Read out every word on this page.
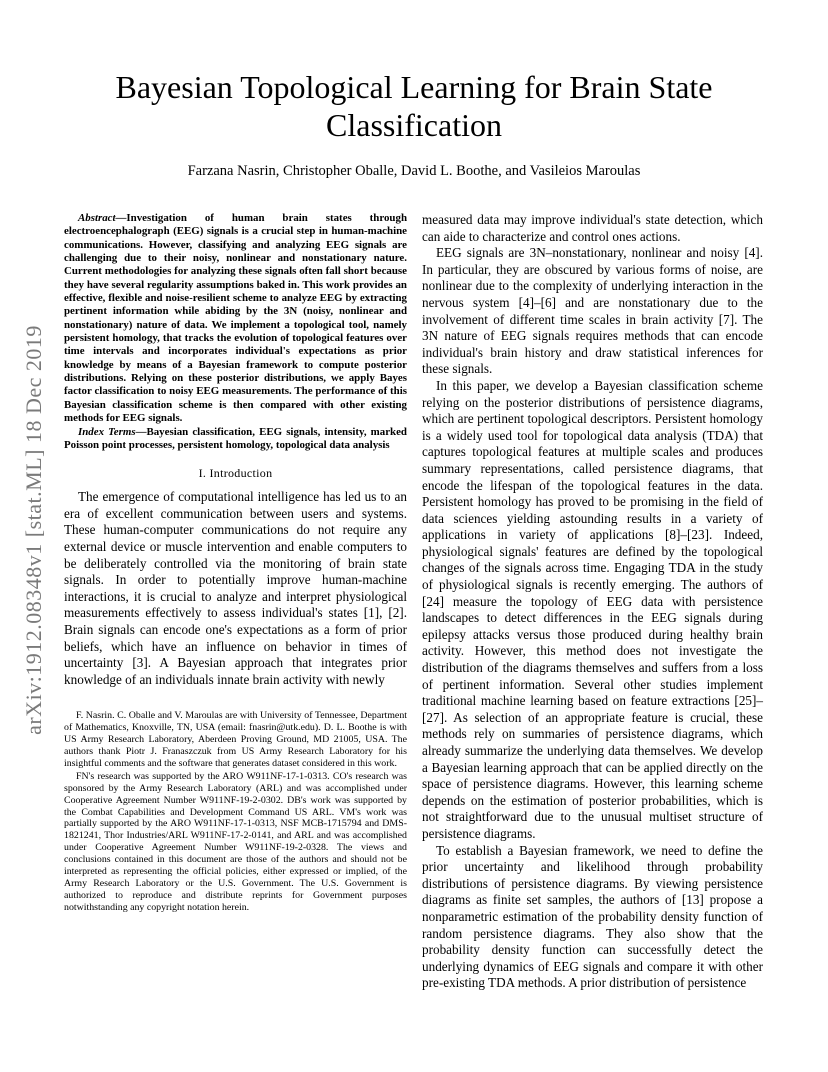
arXiv:1912.08348v1 [stat.ML] 18 Dec 2019
Bayesian Topological Learning for Brain State Classification
Farzana Nasrin, Christopher Oballe, David L. Boothe, and Vasileios Maroulas

Abstract—Investigation of human brain states through electroencephalograph (EEG) signals is a crucial step in human-machine communications. However, classifying and analyzing EEG signals are challenging due to their noisy, nonlinear and nonstationary nature. Current methodologies for analyzing these signals often fall short because they have several regularity assumptions baked in. This work provides an effective, flexible and noise-resilient scheme to analyze EEG by extracting pertinent information while abiding by the 3N (noisy, nonlinear and nonstationary) nature of data. We implement a topological tool, namely persistent homology, that tracks the evolution of topological features over time intervals and incorporates individual's expectations as prior knowledge by means of a Bayesian framework to compute posterior distributions. Relying on these posterior distributions, we apply Bayes factor classification to noisy EEG measurements. The performance of this Bayesian classification scheme is then compared with other existing methods for EEG signals.

Index Terms—Bayesian classification, EEG signals, intensity, marked Poisson point processes, persistent homology, topological data analysis

I. Introduction

The emergence of computational intelligence has led us to an era of excellent communication between users and systems. These human-computer communications do not require any external device or muscle intervention and enable computers to be deliberately controlled via the monitoring of brain state signals. In order to potentially improve human-machine interactions, it is crucial to analyze and interpret physiological measurements effectively to assess individual's states [1], [2]. Brain signals can encode one's expectations as a form of prior beliefs, which have an influence on behavior in times of uncertainty [3]. A Bayesian approach that integrates prior knowledge of an individuals innate brain activity with newly

F. Nasrin. C. Oballe and V. Maroulas are with University of Tennessee, Department of Mathematics, Knoxville, TN, USA (email: fnasrin@utk.edu). D. L. Boothe is with US Army Research Laboratory, Aberdeen Proving Ground, MD 21005, USA. The authors thank Piotr J. Franaszczuk from US Army Research Laboratory for his insightful comments and the software that generates dataset considered in this work.

FN's research was supported by the ARO W911NF-17-1-0313. CO's research was sponsored by the Army Research Laboratory (ARL) and was accomplished under Cooperative Agreement Number W911NF-19-2-0302. DB's work was supported by the Combat Capabilities and Development Command US ARL. VM's work was partially supported by the ARO W911NF-17-1-0313, NSF MCB-1715794 and DMS-1821241, Thor Industries/ARL W911NF-17-2-0141, and ARL and was accomplished under Cooperative Agreement Number W911NF-19-2-0328. The views and conclusions contained in this document are those of the authors and should not be interpreted as representing the official policies, either expressed or implied, of the Army Research Laboratory or the U.S. Government. The U.S. Government is authorized to reproduce and distribute reprints for Government purposes notwithstanding any copyright notation herein.

measured data may improve individual's state detection, which can aide to characterize and control ones actions.

EEG signals are 3N–nonstationary, nonlinear and noisy [4]. In particular, they are obscured by various forms of noise, are nonlinear due to the complexity of underlying interaction in the nervous system [4]–[6] and are nonstationary due to the involvement of different time scales in brain activity [7]. The 3N nature of EEG signals requires methods that can encode individual's brain history and draw statistical inferences for these signals.

In this paper, we develop a Bayesian classification scheme relying on the posterior distributions of persistence diagrams, which are pertinent topological descriptors. Persistent homology is a widely used tool for topological data analysis (TDA) that captures topological features at multiple scales and produces summary representations, called persistence diagrams, that encode the lifespan of the topological features in the data. Persistent homology has proved to be promising in the field of data sciences yielding astounding results in a variety of applications in variety of applications [8]–[23]. Indeed, physiological signals' features are defined by the topological changes of the signals across time. Engaging TDA in the study of physiological signals is recently emerging. The authors of [24] measure the topology of EEG data with persistence landscapes to detect differences in the EEG signals during epilepsy attacks versus those produced during healthy brain activity. However, this method does not investigate the distribution of the diagrams themselves and suffers from a loss of pertinent information. Several other studies implement traditional machine learning based on feature extractions [25]–[27]. As selection of an appropriate feature is crucial, these methods rely on summaries of persistence diagrams, which already summarize the underlying data themselves. We develop a Bayesian learning approach that can be applied directly on the space of persistence diagrams. However, this learning scheme depends on the estimation of posterior probabilities, which is not straightforward due to the unusual multiset structure of persistence diagrams.

To establish a Bayesian framework, we need to define the prior uncertainty and likelihood through probability distributions of persistence diagrams. By viewing persistence diagrams as finite set samples, the authors of [13] propose a nonparametric estimation of the probability density function of random persistence diagrams. They also show that the probability density function can successfully detect the underlying dynamics of EEG signals and compare it with other pre-existing TDA methods. A prior distribution of persistence
